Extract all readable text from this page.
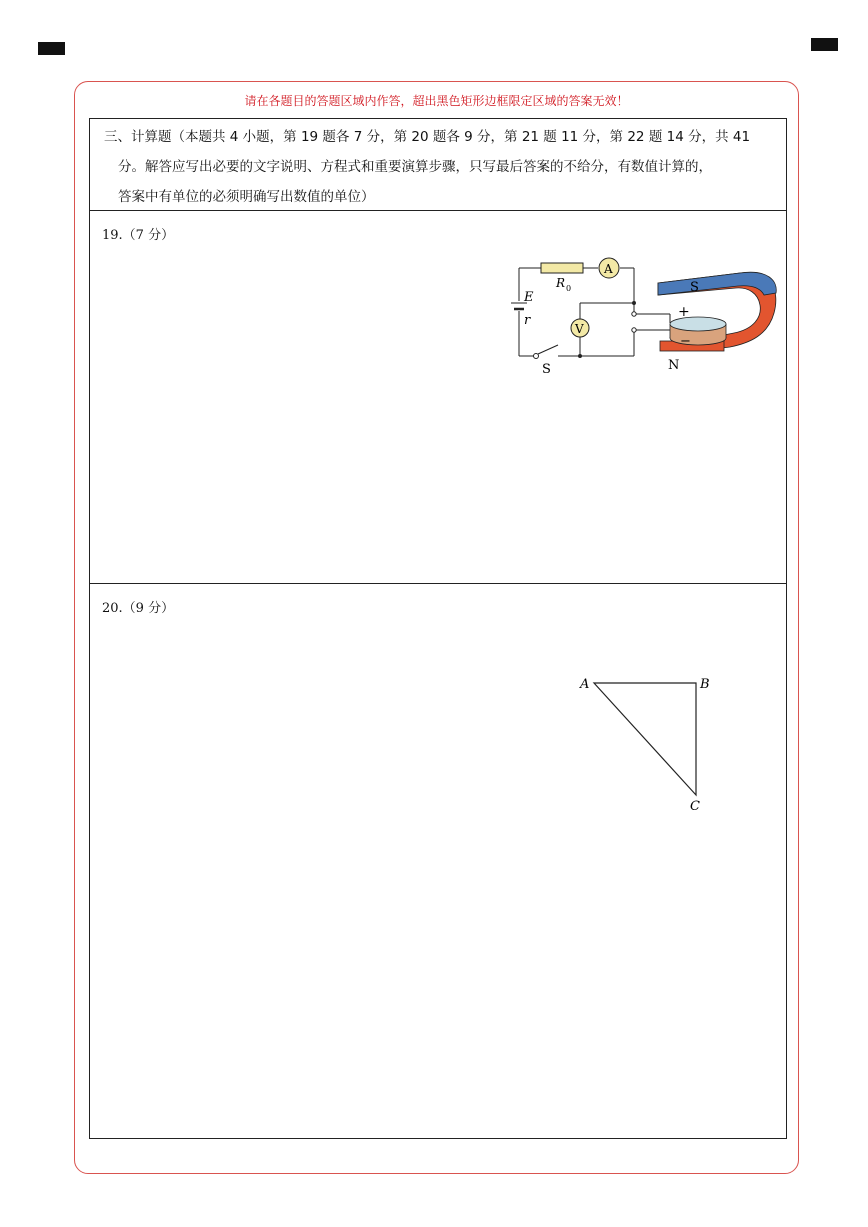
请在各题目的答题区域内作答，超出黑色矩形边框限定区域的答案无效！
三、计算题（本题共 4 小题，第 19 题各 7 分，第 20 题各 9 分，第 21 题 11 分，第 22 题 14 分，共 41
分。解答应写出必要的文字说明、方程式和重要演算步骤，只写最后答案的不给分，有数值计算的，
答案中有单位的必须明确写出数值的单位）
19.（7 分）
E
r
R 0
A
V
S
+
−
S
N
20.（9 分）
A	B
C
